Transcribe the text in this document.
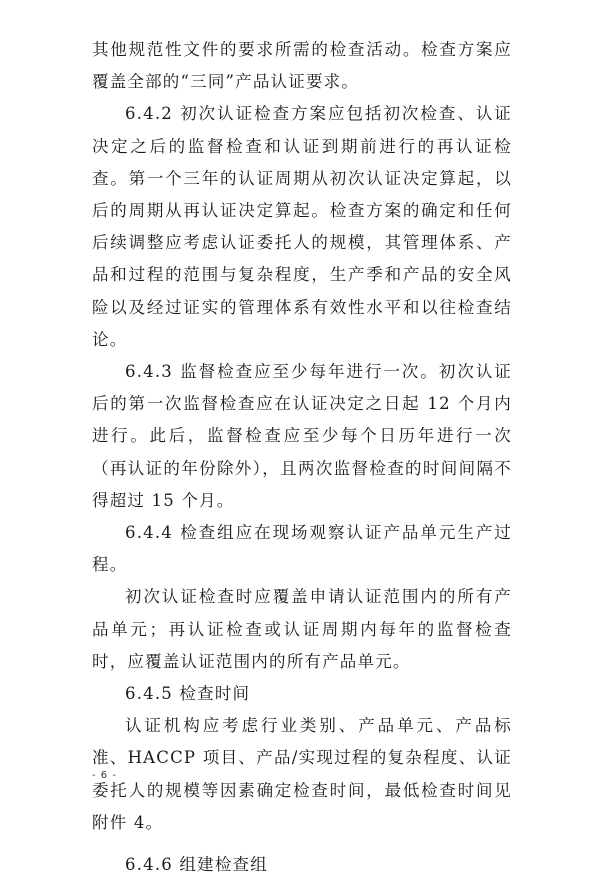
其他规范性文件的要求所需的检查活动。检查方案应覆盖全部的“三同”产品认证要求。

6.4.2 初次认证检查方案应包括初次检查、认证决定之后的监督检查和认证到期前进行的再认证检查。第一个三年的认证周期从初次认证决定算起，以后的周期从再认证决定算起。检查方案的确定和任何后续调整应考虑认证委托人的规模，其管理体系、产品和过程的范围与复杂程度，生产季和产品的安全风险以及经过证实的管理体系有效性水平和以往检查结论。

6.4.3 监督检查应至少每年进行一次。初次认证后的第一次监督检查应在认证决定之日起 12 个月内进行。此后，监督检查应至少每个日历年进行一次（再认证的年份除外），且两次监督检查的时间间隔不得超过 15 个月。

6.4.4 检查组应在现场观察认证产品单元生产过程。

初次认证检查时应覆盖申请认证范围内的所有产品单元；再认证检查或认证周期内每年的监督检查时，应覆盖认证范围内的所有产品单元。

6.4.5 检查时间

认证机构应考虑行业类别、产品单元、产品标准、HACCP 项目、产品/实现过程的复杂程度、认证委托人的规模等因素确定检查时间，最低检查时间见附件 4。

6.4.6 组建检查组

- 6 -
